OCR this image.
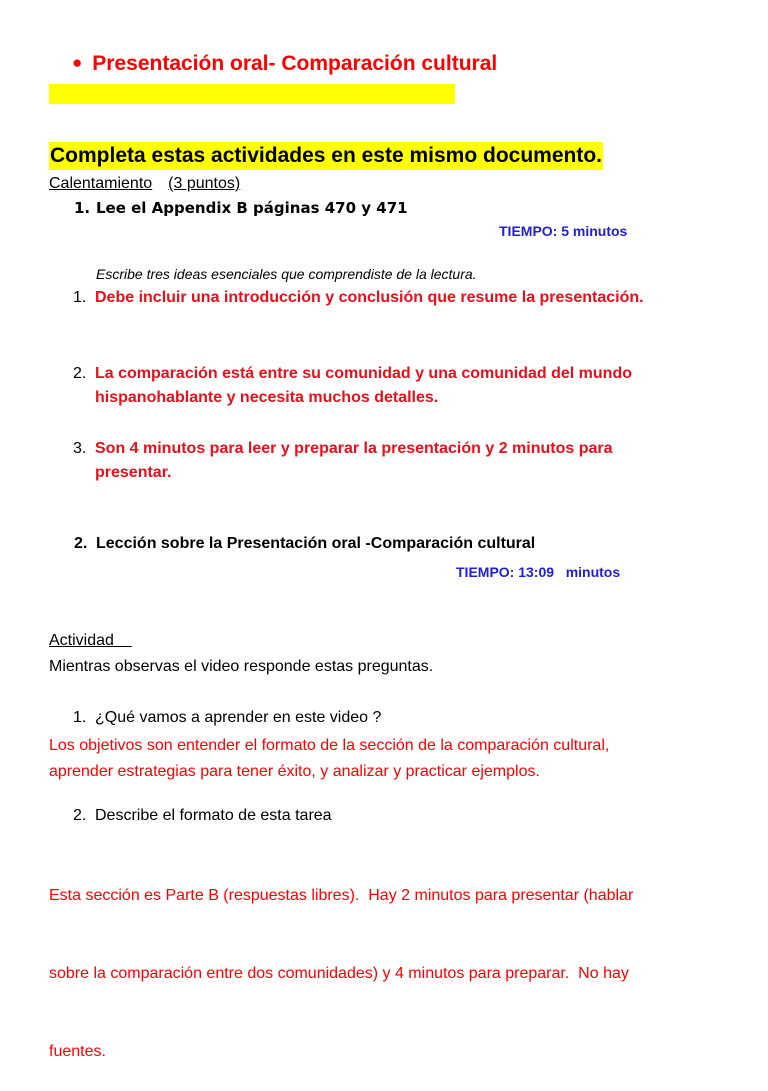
● Presentación oral- Comparación cultural
Completa estas actividades en este mismo documento.
Calentamiento (3 puntos)
1. Lee el Appendix B páginas 470 y 471
TIEMPO: 5 minutos
Escribe tres ideas esenciales que comprendiste de la lectura.
1. Debe incluir una introducción y conclusión que resume la presentación.
2. La comparación está entre su comunidad y una comunidad del mundo
hispanohablante y necesita muchos detalles.
3. Son 4 minutos para leer y preparar la presentación y 2 minutos para
presentar.
2. Lección sobre la Presentación oral -Comparación cultural
TIEMPO: 13:09   minutos
Actividad
Mientras observas el video responde estas preguntas.
1. ¿Qué vamos a aprender en este video ?
Los objetivos son entender el formato de la sección de la comparación cultural,
aprender estrategias para tener éxito, y analizar y practicar ejemplos.
2. Describe el formato de esta tarea

Esta sección es Parte B (respuestas libres).  Hay 2 minutos para presentar (hablar

sobre la comparación entre dos comunidades) y 4 minutos para preparar.  No hay

fuentes.
